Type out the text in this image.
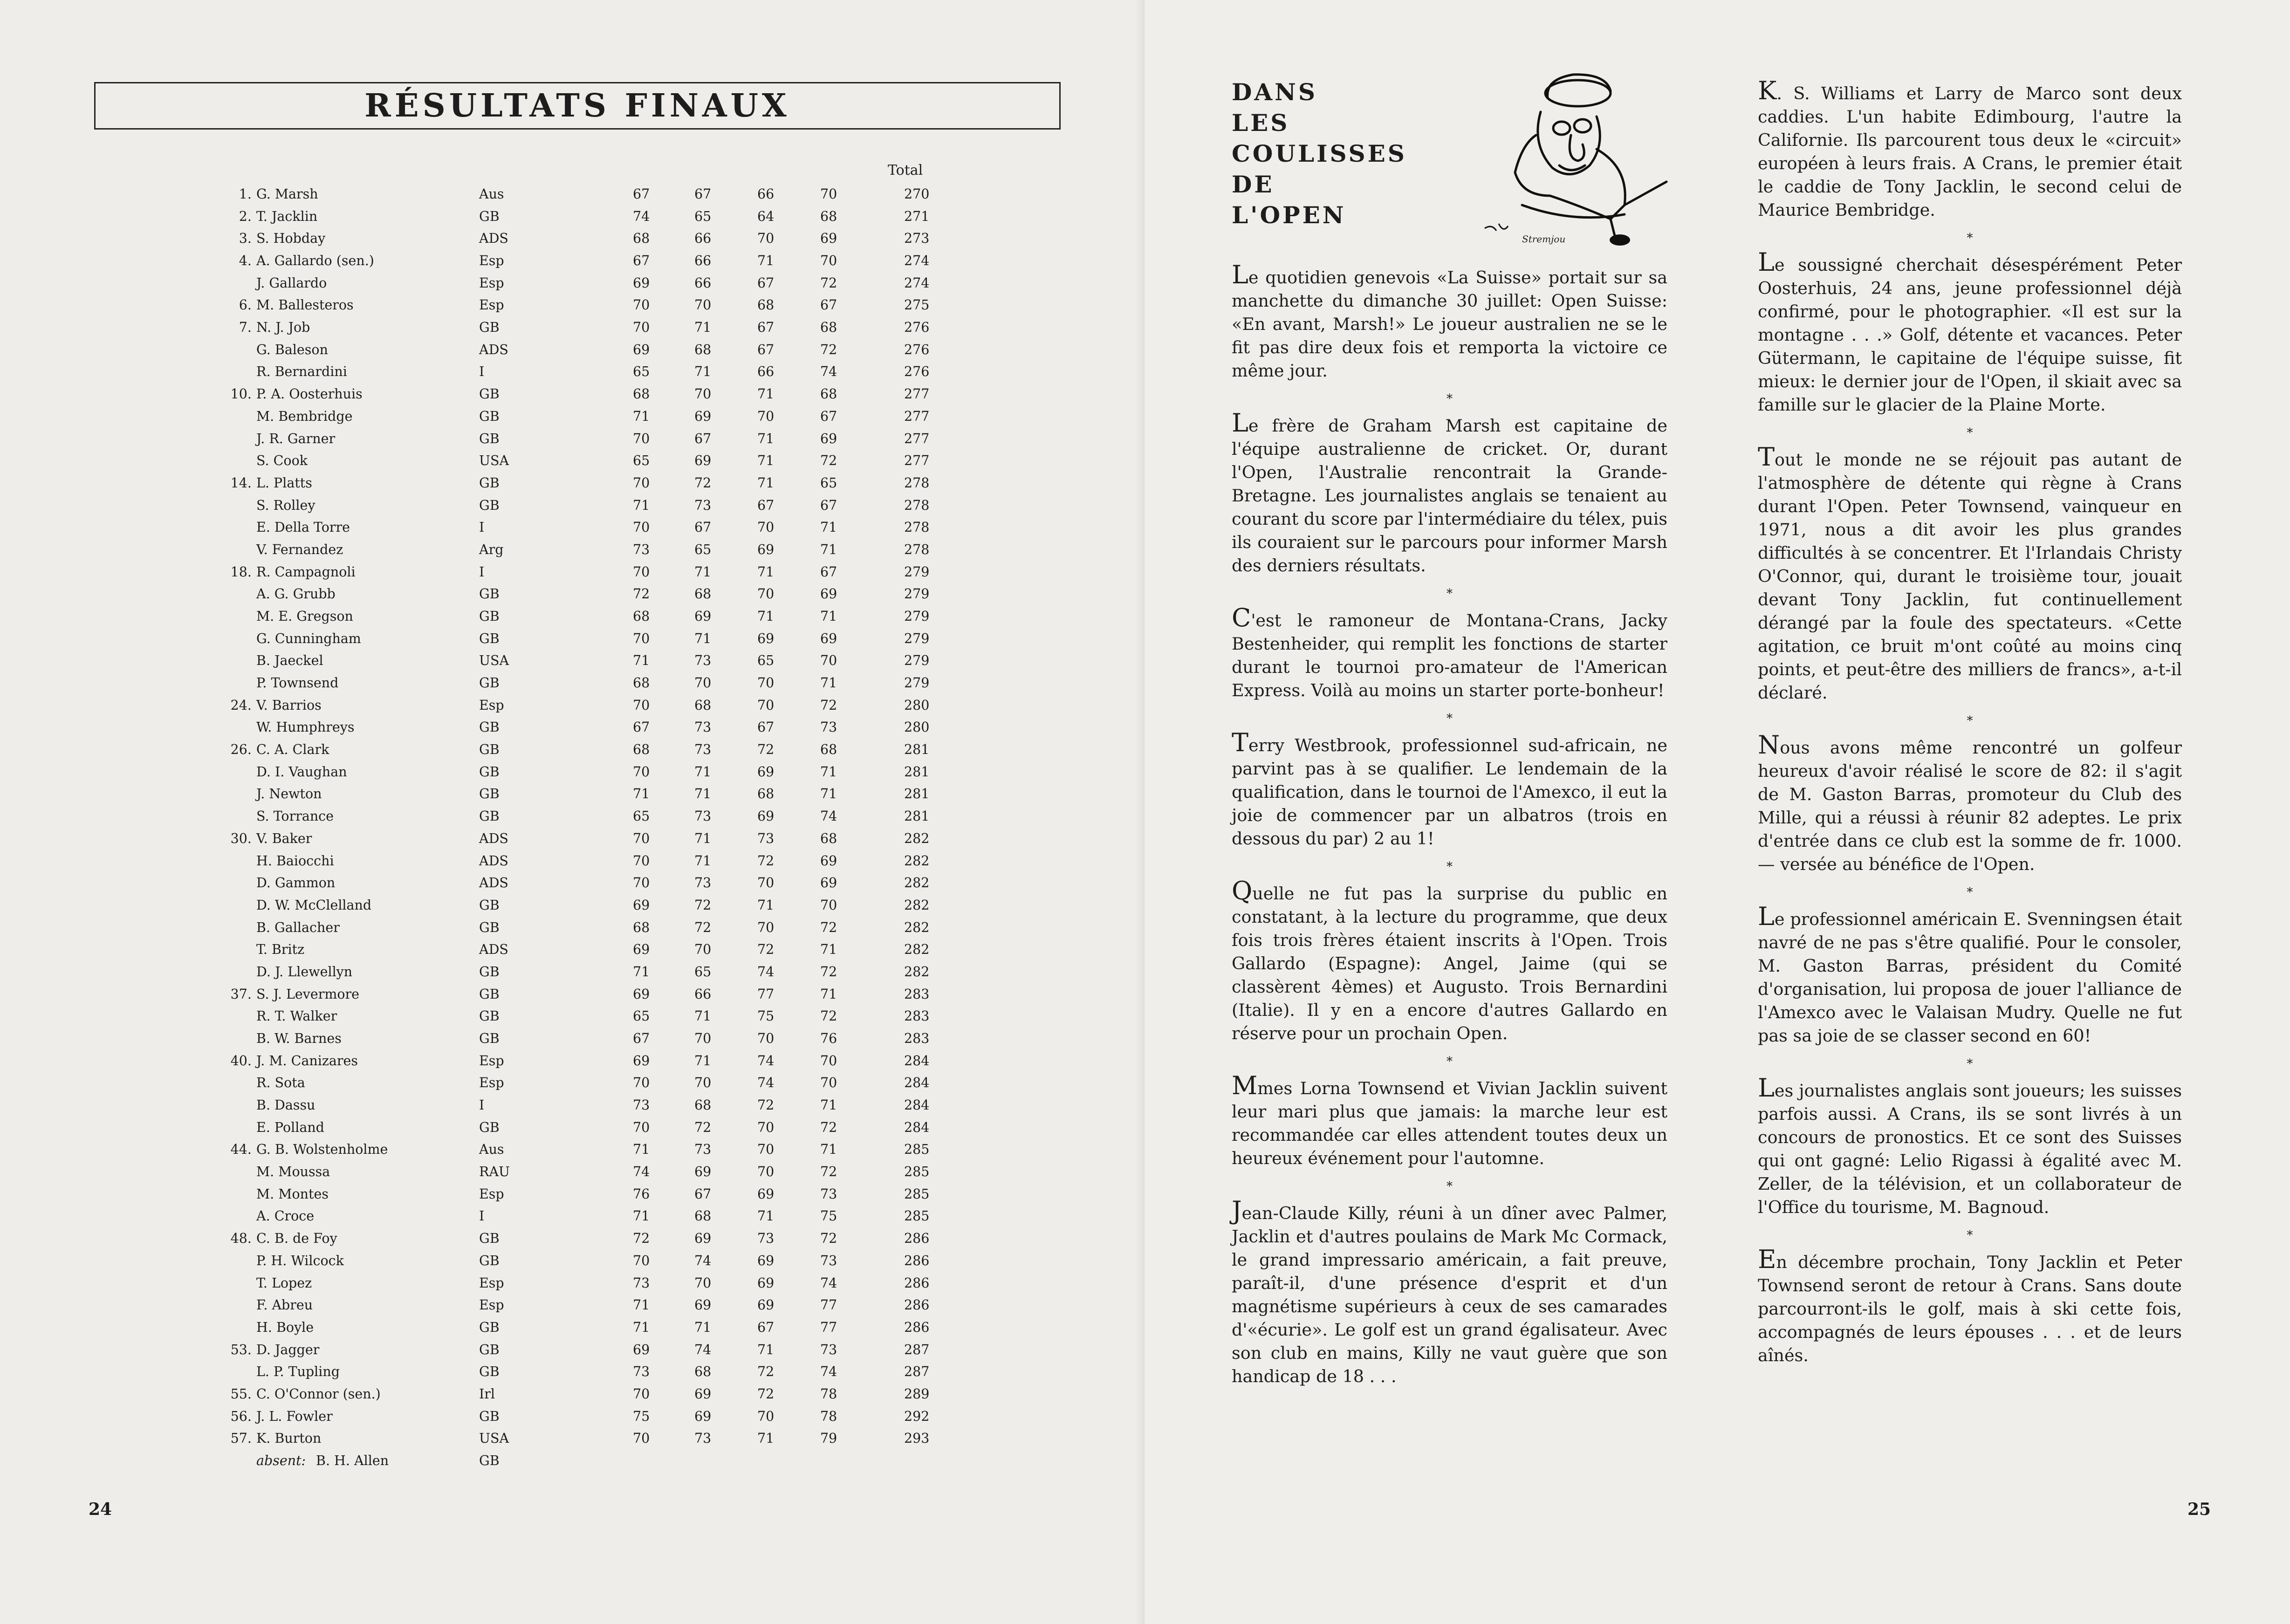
RÉSULTATS FINAUX
Total
1. G. Marsh	Aus	67	67	66	70	270
2. T. Jacklin	GB	74	65	64	68	271
3. S. Hobday	ADS	68	66	70	69	273
4. A. Gallardo (sen.)	Esp	67	66	71	70	274
J. Gallardo	Esp	69	66	67	72	274
6. M. Ballesteros	Esp	70	70	68	67	275
7. N. J. Job	GB	70	71	67	68	276
G. Baleson	ADS	69	68	67	72	276
R. Bernardini	I	65	71	66	74	276
10. P. A. Oosterhuis	GB	68	70	71	68	277
M. Bembridge	GB	71	69	70	67	277
J. R. Garner	GB	70	67	71	69	277
S. Cook	USA	65	69	71	72	277
14. L. Platts	GB	70	72	71	65	278
S. Rolley	GB	71	73	67	67	278
E. Della Torre	I	70	67	70	71	278
V. Fernandez	Arg	73	65	69	71	278
18. R. Campagnoli	I	70	71	71	67	279
A. G. Grubb	GB	72	68	70	69	279
M. E. Gregson	GB	68	69	71	71	279
G. Cunningham	GB	70	71	69	69	279
B. Jaeckel	USA	71	73	65	70	279
P. Townsend	GB	68	70	70	71	279
24. V. Barrios	Esp	70	68	70	72	280
W. Humphreys	GB	67	73	67	73	280
26. C. A. Clark	GB	68	73	72	68	281
D. I. Vaughan	GB	70	71	69	71	281
J. Newton	GB	71	71	68	71	281
S. Torrance	GB	65	73	69	74	281
30. V. Baker	ADS	70	71	73	68	282
H. Baiocchi	ADS	70	71	72	69	282
D. Gammon	ADS	70	73	70	69	282
D. W. McClelland	GB	69	72	71	70	282
B. Gallacher	GB	68	72	70	72	282
T. Britz	ADS	69	70	72	71	282
D. J. Llewellyn	GB	71	65	74	72	282
37. S. J. Levermore	GB	69	66	77	71	283
R. T. Walker	GB	65	71	75	72	283
B. W. Barnes	GB	67	70	70	76	283
40. J. M. Canizares	Esp	69	71	74	70	284
R. Sota	Esp	70	70	74	70	284
B. Dassu	I	73	68	72	71	284
E. Polland	GB	70	72	70	72	284
44. G. B. Wolstenholme	Aus	71	73	70	71	285
M. Moussa	RAU	74	69	70	72	285
M. Montes	Esp	76	67	69	73	285
A. Croce	I	71	68	71	75	285
48. C. B. de Foy	GB	72	69	73	72	286
P. H. Wilcock	GB	70	74	69	73	286
T. Lopez	Esp	73	70	69	74	286
F. Abreu	Esp	71	69	69	77	286
H. Boyle	GB	71	71	67	77	286
53. D. Jagger	GB	69	74	71	73	287
L. P. Tupling	GB	73	68	72	74	287
55. C. O'Connor (sen.)	Irl	70	69	72	78	289
56. J. L. Fowler	GB	75	69	70	78	292
57. K. Burton	USA	70	73	71	79	293
absent: B. H. Allen	GB
24
DANS
LES
COULISSES
DE
L'OPEN
Stremjou

Le quotidien genevois «La Suisse» portait sur sa manchette du dimanche 30 juillet: Open Suisse: «En avant, Marsh!» Le joueur australien ne se le fit pas dire deux fois et remporta la victoire ce même jour.

*

Le frère de Graham Marsh est capitaine de l'équipe australienne de cricket. Or, durant l'Open, l'Australie rencontrait la Grande-Bretagne. Les journalistes anglais se tenaient au courant du score par l'intermédiaire du télex, puis ils couraient sur le parcours pour informer Marsh des derniers résultats.

*

C'est le ramoneur de Montana-Crans, Jacky Bestenheider, qui remplit les fonctions de starter durant le tournoi pro-amateur de l'American Express. Voilà au moins un starter porte-bonheur!

*

Terry Westbrook, professionnel sud-africain, ne parvint pas à se qualifier. Le lendemain de la qualification, dans le tournoi de l'Amexco, il eut la joie de commencer par un albatros (trois en dessous du par) 2 au 1!

*

Quelle ne fut pas la surprise du public en constatant, à la lecture du programme, que deux fois trois frères étaient inscrits à l'Open. Trois Gallardo (Espagne): Angel, Jaime (qui se classèrent 4èmes) et Augusto. Trois Bernardini (Italie). Il y en a encore d'autres Gallardo en réserve pour un prochain Open.

*

Mmes Lorna Townsend et Vivian Jacklin suivent leur mari plus que jamais: la marche leur est recommandée car elles attendent toutes deux un heureux événement pour l'automne.

*

Jean-Claude Killy, réuni à un dîner avec Palmer, Jacklin et d'autres poulains de Mark Mc Cormack, le grand impressario américain, a fait preuve, paraît-il, d'une présence d'esprit et d'un magnétisme supérieurs à ceux de ses camarades d'«écurie». Le golf est un grand égalisateur. Avec son club en mains, Killy ne vaut guère que son handicap de 18 . . .

K. S. Williams et Larry de Marco sont deux caddies. L'un habite Edimbourg, l'autre la Californie. Ils parcourent tous deux le «circuit» européen à leurs frais. A Crans, le premier était le caddie de Tony Jacklin, le second celui de Maurice Bembridge.

*

Le soussigné cherchait désespérément Peter Oosterhuis, 24 ans, jeune professionnel déjà confirmé, pour le photographier. «Il est sur la montagne . . .» Golf, détente et vacances. Peter Gütermann, le capitaine de l'équipe suisse, fit mieux: le dernier jour de l'Open, il skiait avec sa famille sur le glacier de la Plaine Morte.

*

Tout le monde ne se réjouit pas autant de l'atmosphère de détente qui règne à Crans durant l'Open. Peter Townsend, vainqueur en 1971, nous a dit avoir les plus grandes difficultés à se concentrer. Et l'Irlandais Christy O'Connor, qui, durant le troisième tour, jouait devant Tony Jacklin, fut continuellement dérangé par la foule des spectateurs. «Cette agitation, ce bruit m'ont coûté au moins cinq points, et peut-être des milliers de francs», a-t-il déclaré.

*

Nous avons même rencontré un golfeur heureux d'avoir réalisé le score de 82: il s'agit de M. Gaston Barras, promoteur du Club des Mille, qui a réussi à réunir 82 adeptes. Le prix d'entrée dans ce club est la somme de fr. 1000.— versée au bénéfice de l'Open.

*

Le professionnel américain E. Svenningsen était navré de ne pas s'être qualifié. Pour le consoler, M. Gaston Barras, président du Comité d'organisation, lui proposa de jouer l'alliance de l'Amexco avec le Valaisan Mudry. Quelle ne fut pas sa joie de se classer second en 60!

*

Les journalistes anglais sont joueurs; les suisses parfois aussi. A Crans, ils se sont livrés à un concours de pronostics. Et ce sont des Suisses qui ont gagné: Lelio Rigassi à égalité avec M. Zeller, de la télévision, et un collaborateur de l'Office du tourisme, M. Bagnoud.

*

En décembre prochain, Tony Jacklin et Peter Townsend seront de retour à Crans. Sans doute parcourront-ils le golf, mais à ski cette fois, accompagnés de leurs épouses . . . et de leurs aînés.

25
